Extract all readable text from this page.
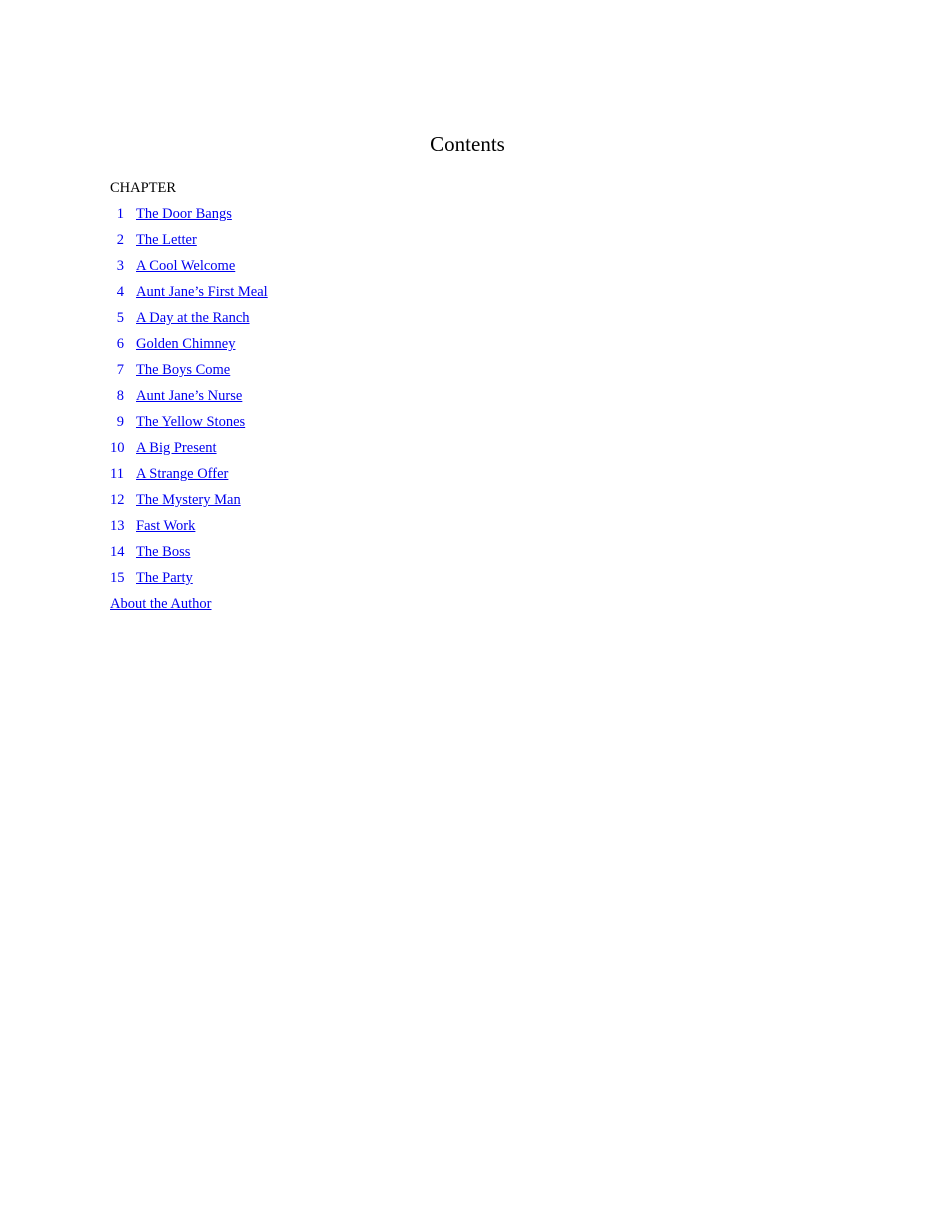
Contents

CHAPTER

1 The Door Bangs
2 The Letter
3 A Cool Welcome
4 Aunt Jane’s First Meal
5 A Day at the Ranch
6 Golden Chimney
7 The Boys Come
8 Aunt Jane’s Nurse
9 The Yellow Stones
10 A Big Present
11 A Strange Offer
12 The Mystery Man
13 Fast Work
14 The Boss
15 The Party
About the Author
